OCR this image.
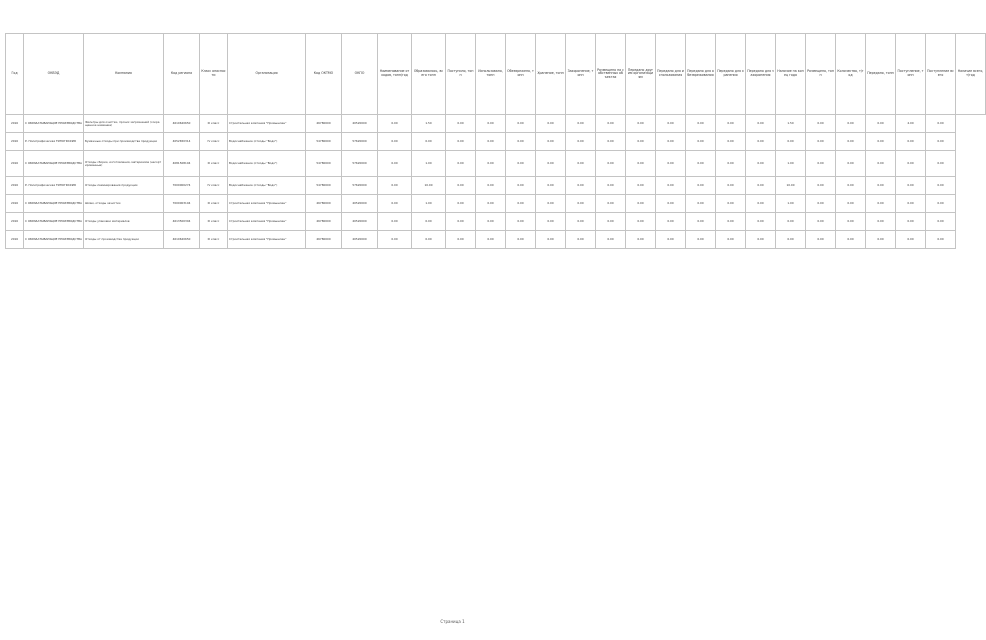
Год	ОКВЭД	Компания	Код региона	Класс опасности	Организация	Код ОКТМО	ОКПО	Наименование отходов, тонн/год	Образовалось, всего тонн	Поступило, тонн	Использовано, тонн	Обезврежено, тонн	Хранение, тонн	Захоронение, тонн	Размещено на собственных объектах	Передано другим организациям	Передано для использования	Передано для обезвреживания	Передано для хранения	Передано для захоронения	Наличие на конец года	Размещено, тонн	Количество, т/год	Передано, тонн	Поступление, тонн	Поступление всего	Наличие всего, т/год
2016	С ОБРАБАТЫВАЮЩИЕ ПРОИЗВОДСТВА	Фильтры для очистки, прочих загрязнений (сокращенное название)	4610620650	III класс	Строительная компания "Промышлен"	46780000	40520000	0.00	1.50	0.00	0.00	0.00	0.00	0.00	0.00	0.00	0.00	0.00	0.00	0.00	1.50	0.00	0.00	0.00	4.00	0.00	
2016	Р. Полиграфическая ТИПОГРАФИЯ	Бумажные отходы при производстве продукции	4052650314	IV класс	Водоснабжение (отходы "Водо")	54780000	57620000	0.00	0.00	0.00	0.00	0.00	0.00	0.00	0.00	0.00	0.00	0.00	0.00	0.00	0.00	0.00	0.00	0.00	0.00	0.00	
2016	С ОБРАБАТЫВАЮЩИЕ ПРОИЗВОДСТВА	Отходы сборки, изготовления, материалов (несортированные)	4081508104	III класс	Водоснабжение (отходы "Водо")	54780000	57620000	0.00	1.00	0.00	0.00	0.00	0.00	0.00	0.00	0.00	0.00	0.00	0.00	0.00	1.00	0.00	0.00	0.00	0.00	0.00	
2016	Р. Полиграфическая ТИПОГРАФИЯ	Отходы ламинирования продукции	7000000274	IV класс	Водоснабжение (отходы "Водо")	54780000	57620000	0.00	10.00	0.00	0.00	0.00	0.00	0.00	0.00	0.00	0.00	0.00	0.00	0.00	10.00	0.00	0.00	0.00	0.00	0.00	
2016	С ОБРАБАТЫВАЮЩИЕ ПРОИЗВОДСТВА	Шлам, отходы зачистки	7000003104	III класс	Строительная компания "Промышлен"	46780000	40520000	0.00	1.00	0.00	0.00	0.00	0.00	0.00	0.00	0.00	0.00	0.00	0.00	0.00	1.00	0.00	0.00	0.00	0.00	0.00	
2016	С ОБРАБАТЫВАЮЩИЕ ПРОИЗВОДСТВА	Отходы упаковки материалов	4613500304	III класс	Строительная компания "Промышлен"	46780000	40520000	0.00	0.00	0.00	0.00	0.00	0.00	0.00	0.00	0.00	0.00	0.00	0.00	0.00	0.00	0.00	0.00	0.00	0.00	0.00	
2016	С ОБРАБАТЫВАЮЩИЕ ПРОИЗВОДСТВА	Отходы от производства продукции	4610620650	III класс	Строительная компания "Промышлен"	46780000	40520000	0.00	0.00	0.00	0.00	0.00	0.00	0.00	0.00	0.00	0.00	0.00	0.00	0.00	0.00	0.00	0.00	0.00	0.00	0.00	
Страница 1
